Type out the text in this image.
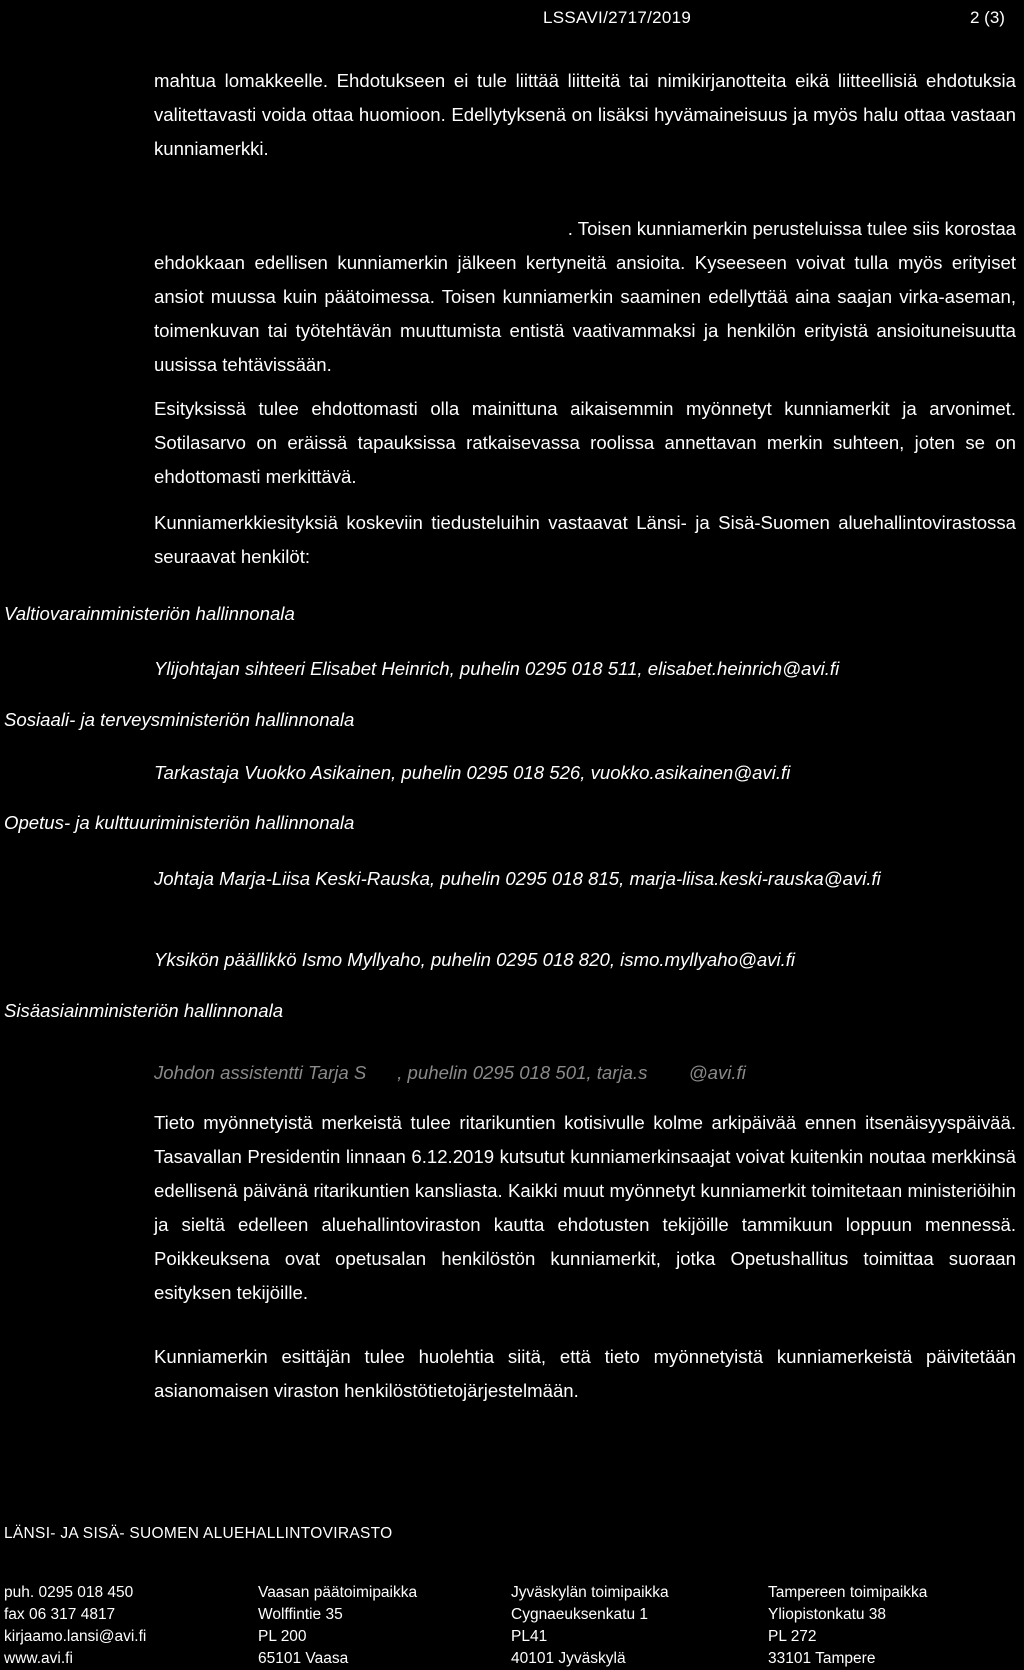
LSSAVI/2717/2019	2 (3)

mahtua lomakkeelle. Ehdotukseen ei tule liittää liitteitä tai nimikirjanotteita eikä liitteellisiä ehdotuksia valitettavasti voida ottaa huomioon. Edellytyksenä on lisäksi hyvämaineisuus ja myös halu ottaa vastaan kunniamerkki.

. Toisen kunniamerkin perusteluissa tulee siis korostaa

ehdokkaan edellisen kunniamerkin jälkeen kertyneitä ansioita. Kyseeseen voivat tulla myös erityiset ansiot muussa kuin päätoimessa. Toisen kunniamerkin saaminen edellyttää aina saajan virka-aseman, toimenkuvan tai työtehtävän muuttumista entistä vaativammaksi ja henkilön erityistä ansioituneisuutta uusissa tehtävissään.

Esityksissä tulee ehdottomasti olla mainittuna aikaisemmin myönnetyt kunniamerkit ja arvonimet. Sotilasarvo on eräissä tapauksissa ratkaisevassa roolissa annettavan merkin suhteen, joten se on ehdottomasti merkittävä.

Kunniamerkkiesityksiä koskeviin tiedusteluihin vastaavat Länsi- ja Sisä-Suomen aluehallintovirastossa seuraavat henkilöt:

Valtiovarainministeriön hallinnonala

Ylijohtajan sihteeri Elisabet Heinrich, puhelin 0295 018 511, elisabet.heinrich@avi.fi

Sosiaali- ja terveysministeriön hallinnonala

Tarkastaja Vuokko Asikainen, puhelin 0295 018 526, vuokko.asikainen@avi.fi

Opetus- ja kulttuuriministeriön hallinnonala

Johtaja Marja-Liisa Keski-Rauska, puhelin 0295 018 815, marja-liisa.keski-rauska@avi.fi

Yksikön päällikkö Ismo Myllyaho, puhelin 0295 018 820, ismo.myllyaho@avi.fi

Sisäasiainministeriön hallinnonala

Johdon assistentti Tarja S      , puhelin 0295 018 501, tarja.s        @avi.fi

Tieto myönnetyistä merkeistä tulee ritarikuntien kotisivulle kolme arkipäivää ennen itsenäisyyspäivää. Tasavallan Presidentin linnaan 6.12.2019 kutsutut kunniamerkinsaajat voivat kuitenkin noutaa merkkinsä edellisenä päivänä ritarikuntien kansliasta. Kaikki muut myönnetyt kunniamerkit toimitetaan ministeriöihin ja sieltä edelleen aluehallintoviraston kautta ehdotusten tekijöille tammikuun loppuun mennessä. Poikkeuksena ovat opetusalan henkilöstön kunniamerkit, jotka Opetushallitus toimittaa suoraan esityksen tekijöille.

Kunniamerkin esittäjän tulee huolehtia siitä, että tieto myönnetyistä kunniamerkeistä päivitetään asianomaisen viraston henkilöstötietojärjestelmään.

LÄNSI- JA SISÄ- SUOMEN ALUEHALLINTOVIRASTO
puh. 0295 018 450
fax 06 317 4817
kirjaamo.lansi@avi.fi
www.avi.fi
Vaasan päätoimipaikka
Wolffintie 35
PL 200
65101 Vaasa
Jyväskylän toimipaikka
Cygnaeuksenkatu 1
PL41
40101 Jyväskylä
Tampereen toimipaikka
Yliopistonkatu 38
PL 272
33101 Tampere
